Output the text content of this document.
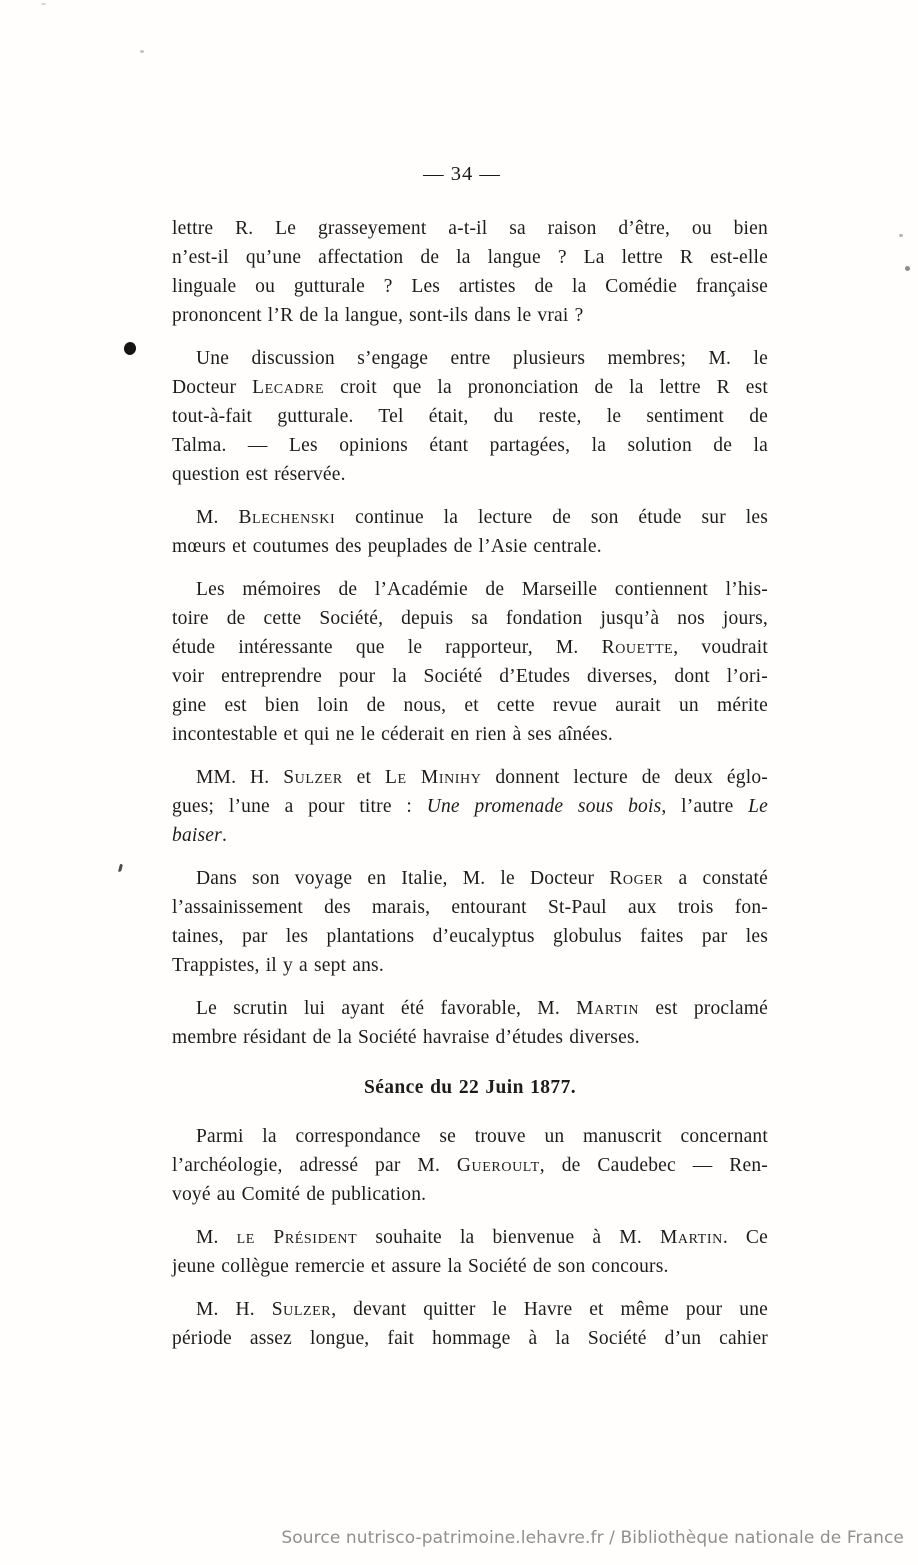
— 34 —
lettre R. Le grasseyement a-t-il sa raison d’être, ou bien
n’est-il qu’une affectation de la langue ? La lettre R est-elle
linguale ou gutturale ? Les artistes de la Comédie française
prononcent l’R de la langue, sont-ils dans le vrai ?
Une discussion s’engage entre plusieurs membres; M. le
Docteur Lecadre croit que la prononciation de la lettre R est
tout-à-fait gutturale. Tel était, du reste, le sentiment de
Talma. — Les opinions étant partagées, la solution de la
question est réservée.
M. Blechenski continue la lecture de son étude sur les
mœurs et coutumes des peuplades de l’Asie centrale.
Les mémoires de l’Académie de Marseille contiennent l’his-
toire de cette Société, depuis sa fondation jusqu’à nos jours,
étude intéressante que le rapporteur, M. Rouette, voudrait
voir entreprendre pour la Société d’Etudes diverses, dont l’ori-
gine est bien loin de nous, et cette revue aurait un mérite
incontestable et qui ne le céderait en rien à ses aînées.
MM. H. Sulzer et Le Minihy donnent lecture de deux églo-
gues; l’une a pour titre : Une promenade sous bois, l’autre Le
baiser.
Dans son voyage en Italie, M. le Docteur Roger a constaté
l’assainissement des marais, entourant St-Paul aux trois fon-
taines, par les plantations d’eucalyptus globulus faites par les
Trappistes, il y a sept ans.
Le scrutin lui ayant été favorable, M. Martin est proclamé
membre résidant de la Société havraise d’études diverses.
Séance du 22 Juin 1877.
Parmi la correspondance se trouve un manuscrit concernant
l’archéologie, adressé par M. Gueroult, de Caudebec — Ren-
voyé au Comité de publication.
M. le Président souhaite la bienvenue à M. Martin. Ce
jeune collègue remercie et assure la Société de son concours.
M. H. Sulzer, devant quitter le Havre et même pour une
période assez longue, fait hommage à la Société d’un cahier
Source nutrisco-patrimoine.lehavre.fr / Bibliothèque nationale de France
